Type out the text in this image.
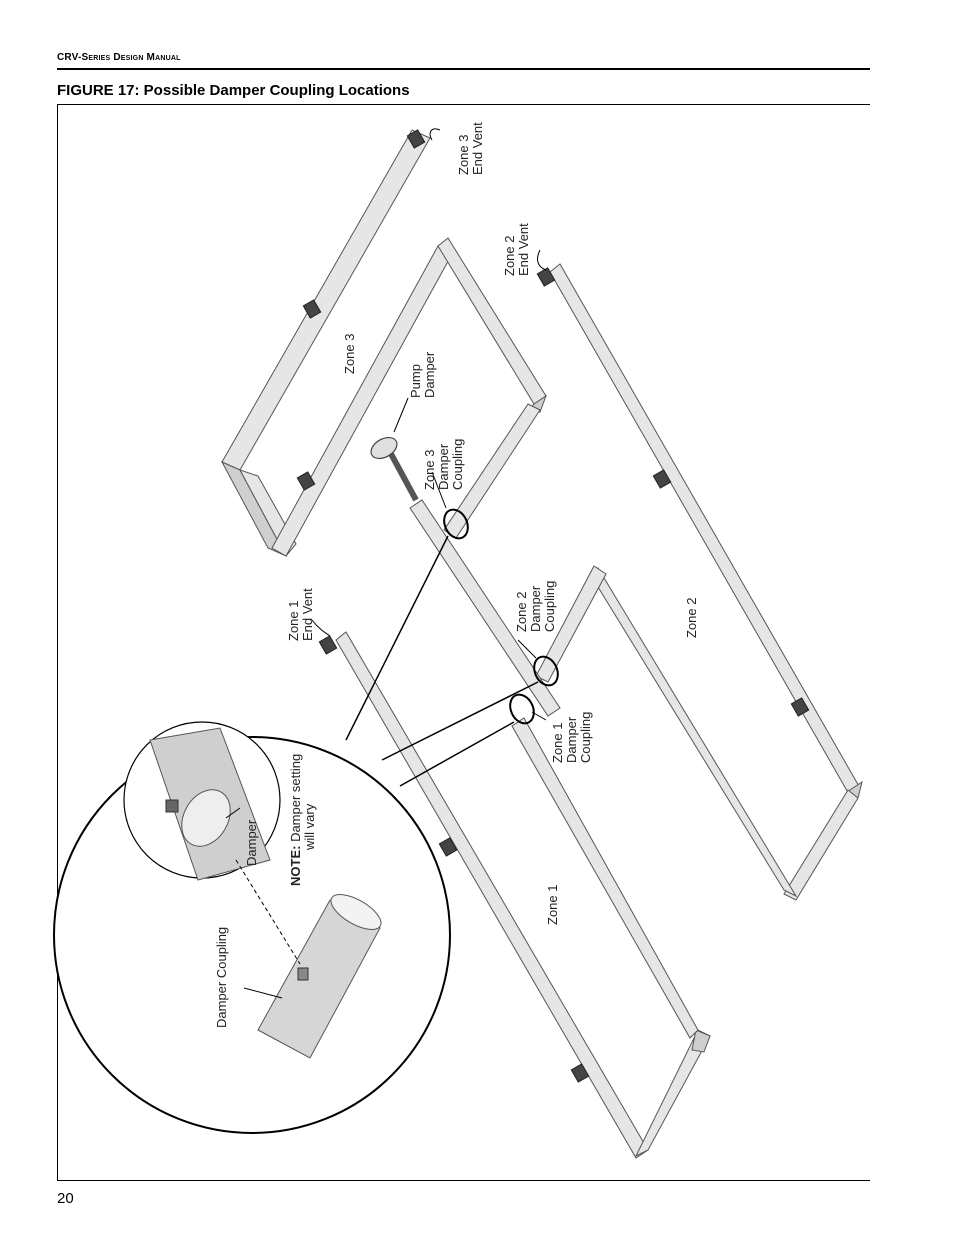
CRV-Series Design Manual
FIGURE 17: Possible Damper Coupling Locations
20
Zone 3 End Vent
Zone 2 End Vent
Zone 3
Pump Damper
Zone 3 Damper Coupling
Zone 1 End Vent	Zone 2 Damper Coupling	Zone 2
Zone 1 Damper Coupling
Zone 1
Damper
Damper Coupling
NOTE: Damper setting will vary
